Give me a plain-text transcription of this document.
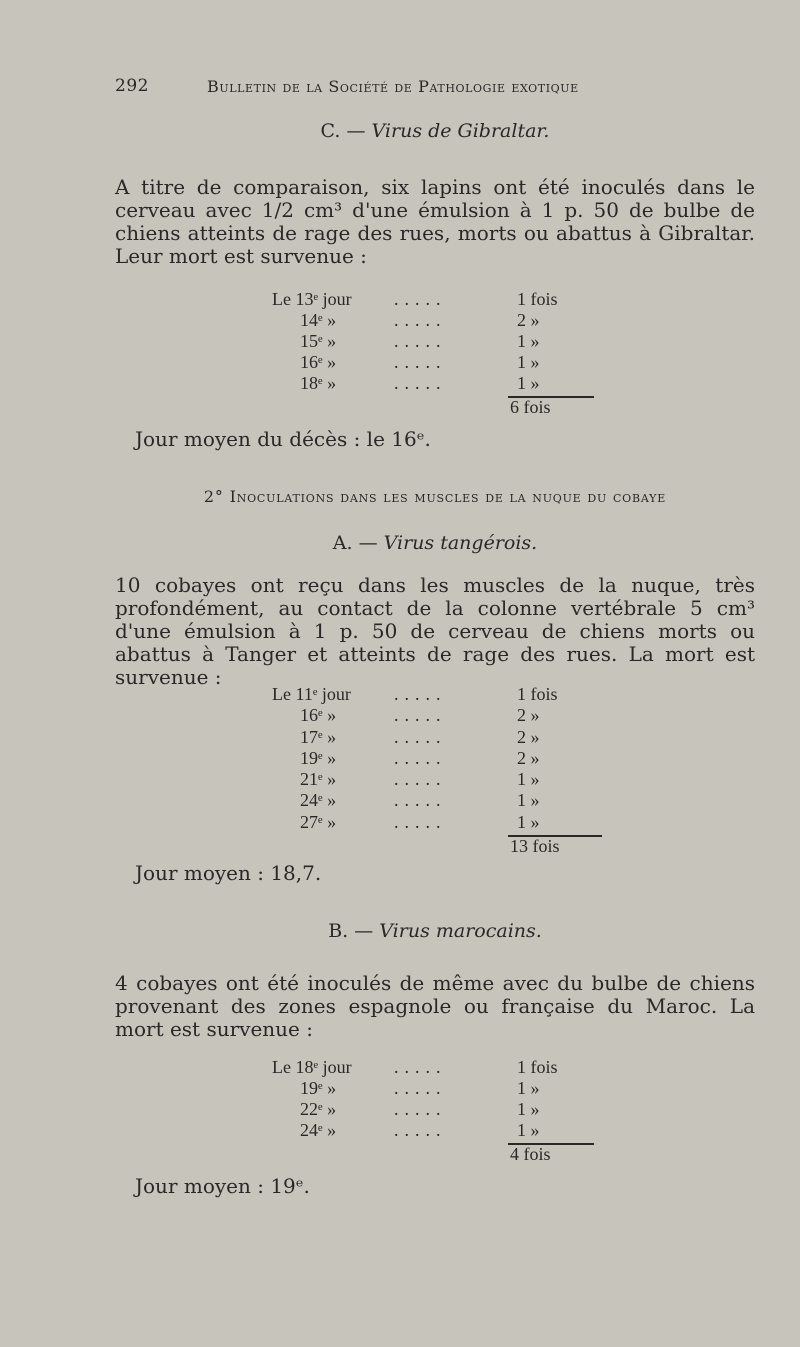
292	Bulletin de la Société de Pathologie exotique
C. — Virus de Gibraltar.

A titre de comparaison, six lapins ont été inoculés dans le cerveau avec 1/2 cm³ d'une émulsion à 1 p. 50 de bulbe de chiens atteints de rage des rues, morts ou abattus à Gibraltar. Leur mort est survenue :

Le 13ᵉ jour .....	1 fois
14ᵉ »	.....	2 »
15ᵉ »	.....	1 »
16ᵉ »	.....	1 »
18ᵉ »	.....	1 »
6 fois
Jour moyen du décès : le 16ᵉ.
2° Inoculations dans les muscles de la nuque du cobaye
A. — Virus tangérois.

10 cobayes ont reçu dans les muscles de la nuque, très profondément, au contact de la colonne vertébrale 5 cm³ d'une émulsion à 1 p. 50 de cerveau de chiens morts ou abattus à Tanger et atteints de rage des rues. La mort est survenue :

Le 11ᵉ jour .....	1 fois
16ᵉ »	.....	2 »
17ᵉ »	.....	2 »
19ᵉ »	.....	2 »
21ᵉ »	.....	1 »
24ᵉ »	.....	1 »
27ᵉ »	.....	1 »
13 fois
Jour moyen : 18,7.
B. — Virus marocains.

4 cobayes ont été inoculés de même avec du bulbe de chiens provenant des zones espagnole ou française du Maroc. La mort est survenue :

Le 18ᵉ jour .....	1 fois
19ᵉ »	.....	1 »
22ᵉ »	.....	1 »
24ᵉ »	.....	1 »
4 fois
Jour moyen : 19ᵉ.
